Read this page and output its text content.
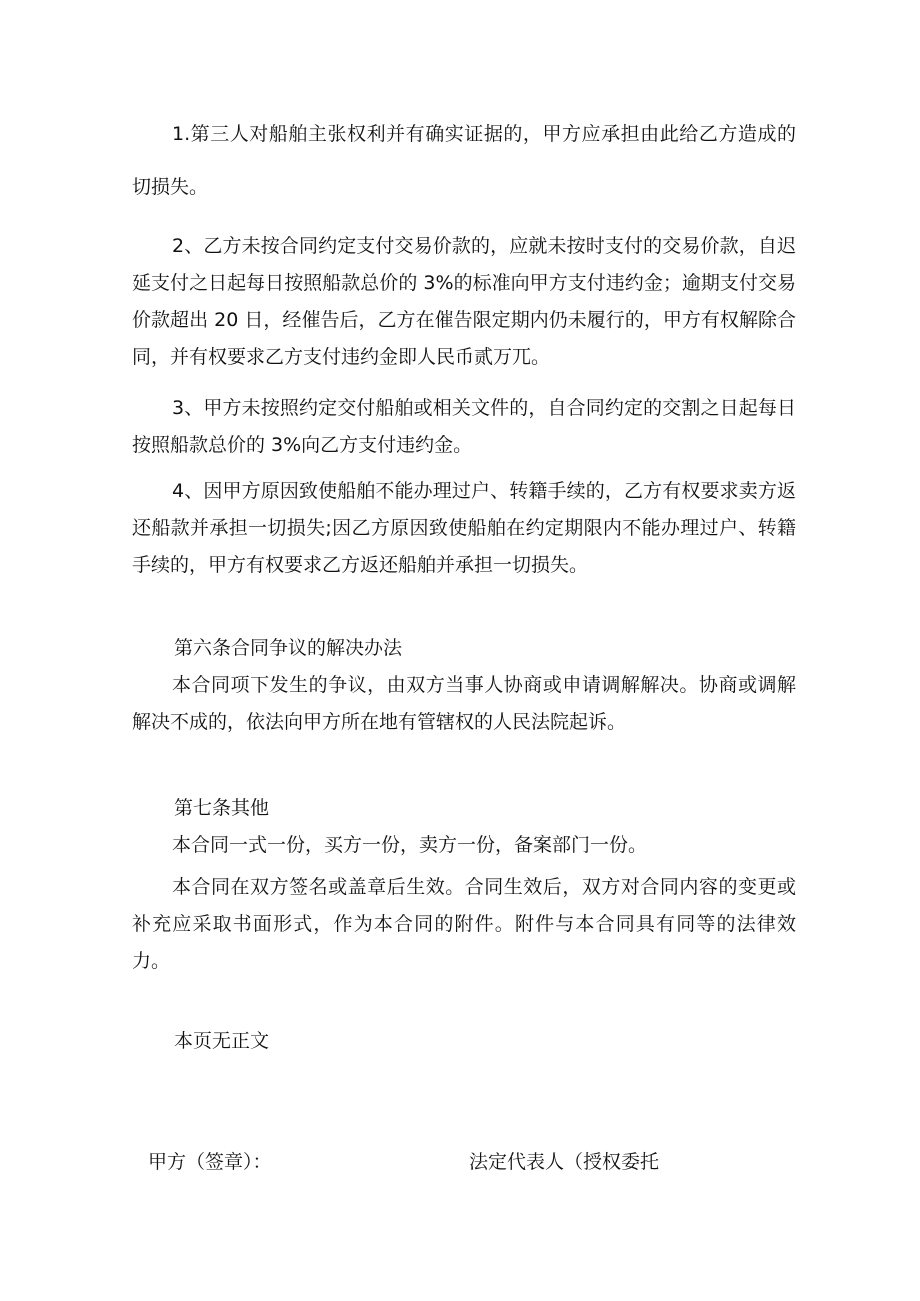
1.第三人对船舶主张权利并有确实证据的，甲方应承担由此给乙方造成的切损失。

2、乙方未按合同约定支付交易价款的，应就未按时支付的交易价款，自迟延支付之日起每日按照船款总价的 3%的标准向甲方支付违约金；逾期支付交易价款超出 20 日，经催告后，乙方在催告限定期内仍未履行的，甲方有权解除合同，并有权要求乙方支付违约金即人民币贰万兀。

3、甲方未按照约定交付船舶或相关文件的，自合同约定的交割之日起每日按照船款总价的 3%向乙方支付违约金。

4、因甲方原因致使船舶不能办理过户、转籍手续的，乙方有权要求卖方返还船款并承担一切损失;因乙方原因致使船舶在约定期限内不能办理过户、转籍手续的，甲方有权要求乙方返还船舶并承担一切损失。

第六条合同争议的解决办法

本合同项下发生的争议，由双方当事人协商或申请调解解决。协商或调解解决不成的，依法向甲方所在地有管辖权的人民法院起诉。

第七条其他

本合同一式一份，买方一份，卖方一份，备案部门一份。

本合同在双方签名或盖章后生效。合同生效后，双方对合同内容的变更或补充应采取书面形式，作为本合同的附件。附件与本合同具有同等的法律效力。

本页无正文

甲方（签章）：	法定代表人（授权委托
